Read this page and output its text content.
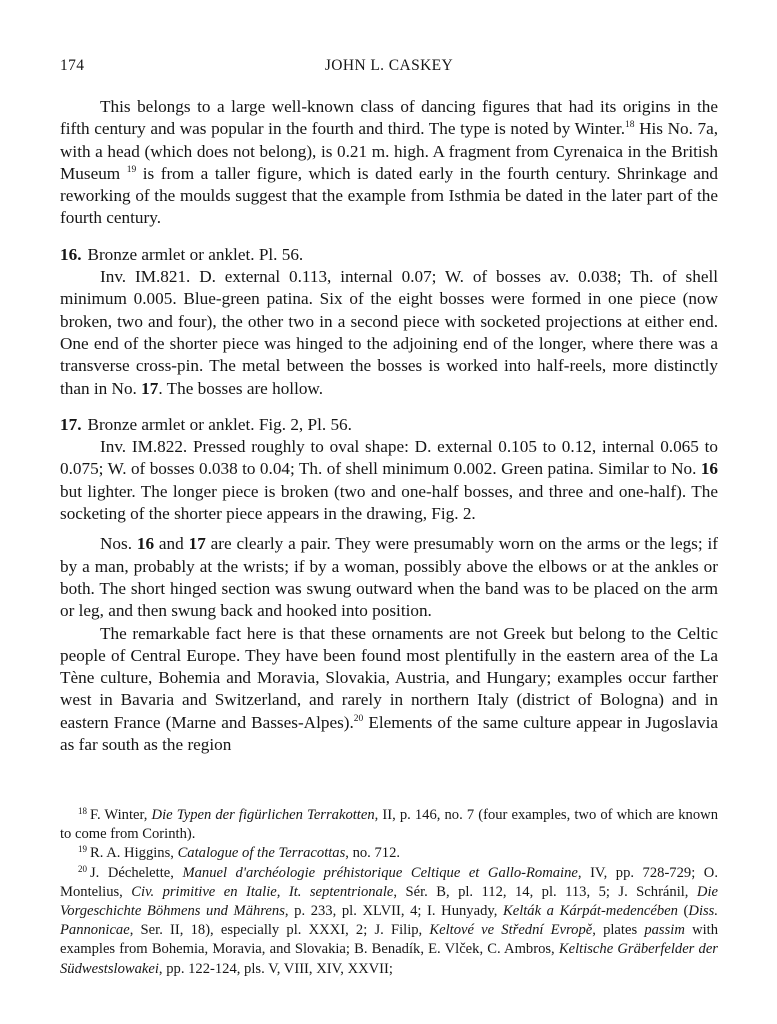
174	JOHN L. CASKEY

This belongs to a large well-known class of dancing figures that had its origins in the fifth century and was popular in the fourth and third. The type is noted by Winter.$^{18}$ His No. 7a, with a head (which does not belong), is 0.21 m. high. A fragment from Cyrenaica in the British Museum $^{19}$ is from a taller figure, which is dated early in the fourth century. Shrinkage and reworking of the moulds suggest that the example from Isthmia be dated in the later part of the fourth century.

16. Bronze armlet or anklet. Pl. 56.

Inv. IM.821. D. external 0.113, internal 0.07; W. of bosses av. 0.038; Th. of shell minimum 0.005. Blue-green patina. Six of the eight bosses were formed in one piece (now broken, two and four), the other two in a second piece with socketed projections at either end. One end of the shorter piece was hinged to the adjoining end of the longer, where there was a transverse cross-pin. The metal between the bosses is worked into half-reels, more distinctly than in No. 17. The bosses are hollow.

17. Bronze armlet or anklet. Fig. 2, Pl. 56.

Inv. IM.822. Pressed roughly to oval shape: D. external 0.105 to 0.12, internal 0.065 to 0.075; W. of bosses 0.038 to 0.04; Th. of shell minimum 0.002. Green patina. Similar to No. 16 but lighter. The longer piece is broken (two and one-half bosses, and three and one-half). The socketing of the shorter piece appears in the drawing, Fig. 2.

Nos. 16 and 17 are clearly a pair. They were presumably worn on the arms or the legs; if by a man, probably at the wrists; if by a woman, possibly above the elbows or at the ankles or both. The short hinged section was swung outward when the band was to be placed on the arm or leg, and then swung back and hooked into position.

The remarkable fact here is that these ornaments are not Greek but belong to the Celtic people of Central Europe. They have been found most plentifully in the eastern area of the La Tène culture, Bohemia and Moravia, Slovakia, Austria, and Hungary; examples occur farther west in Bavaria and Switzerland, and rarely in northern Italy (district of Bologna) and in eastern France (Marne and Basses-Alpes).$^{20}$ Elements of the same culture appear in Jugoslavia as far south as the region

$^{18}$ F. Winter, Die Typen der figürlichen Terrakotten, II, p. 146, no. 7 (four examples, two of which are known to come from Corinth).

$^{19}$ R. A. Higgins, Catalogue of the Terracottas, no. 712.

$^{20}$ J. Déchelette, Manuel d'archéologie préhistorique Celtique et Gallo-Romaine, IV, pp. 728-729; O. Montelius, Civ. primitive en Italie, It. septentrionale, Sér. B, pl. 112, 14, pl. 113, 5; J. Schránil, Die Vorgeschichte Böhmens und Mährens, p. 233, pl. XLVII, 4; I. Hunyady, Kelták a Kárpát-medencében (Diss. Pannonicae, Ser. II, 18), especially pl. XXXI, 2; J. Filip, Keltové ve Střední Evropě, plates passim with examples from Bohemia, Moravia, and Slovakia; B. Benadík, E. Vlček, C. Ambros, Keltische Gräberfelder der Südwestslowakei, pp. 122-124, pls. V, VIII, XIV, XXVII;
